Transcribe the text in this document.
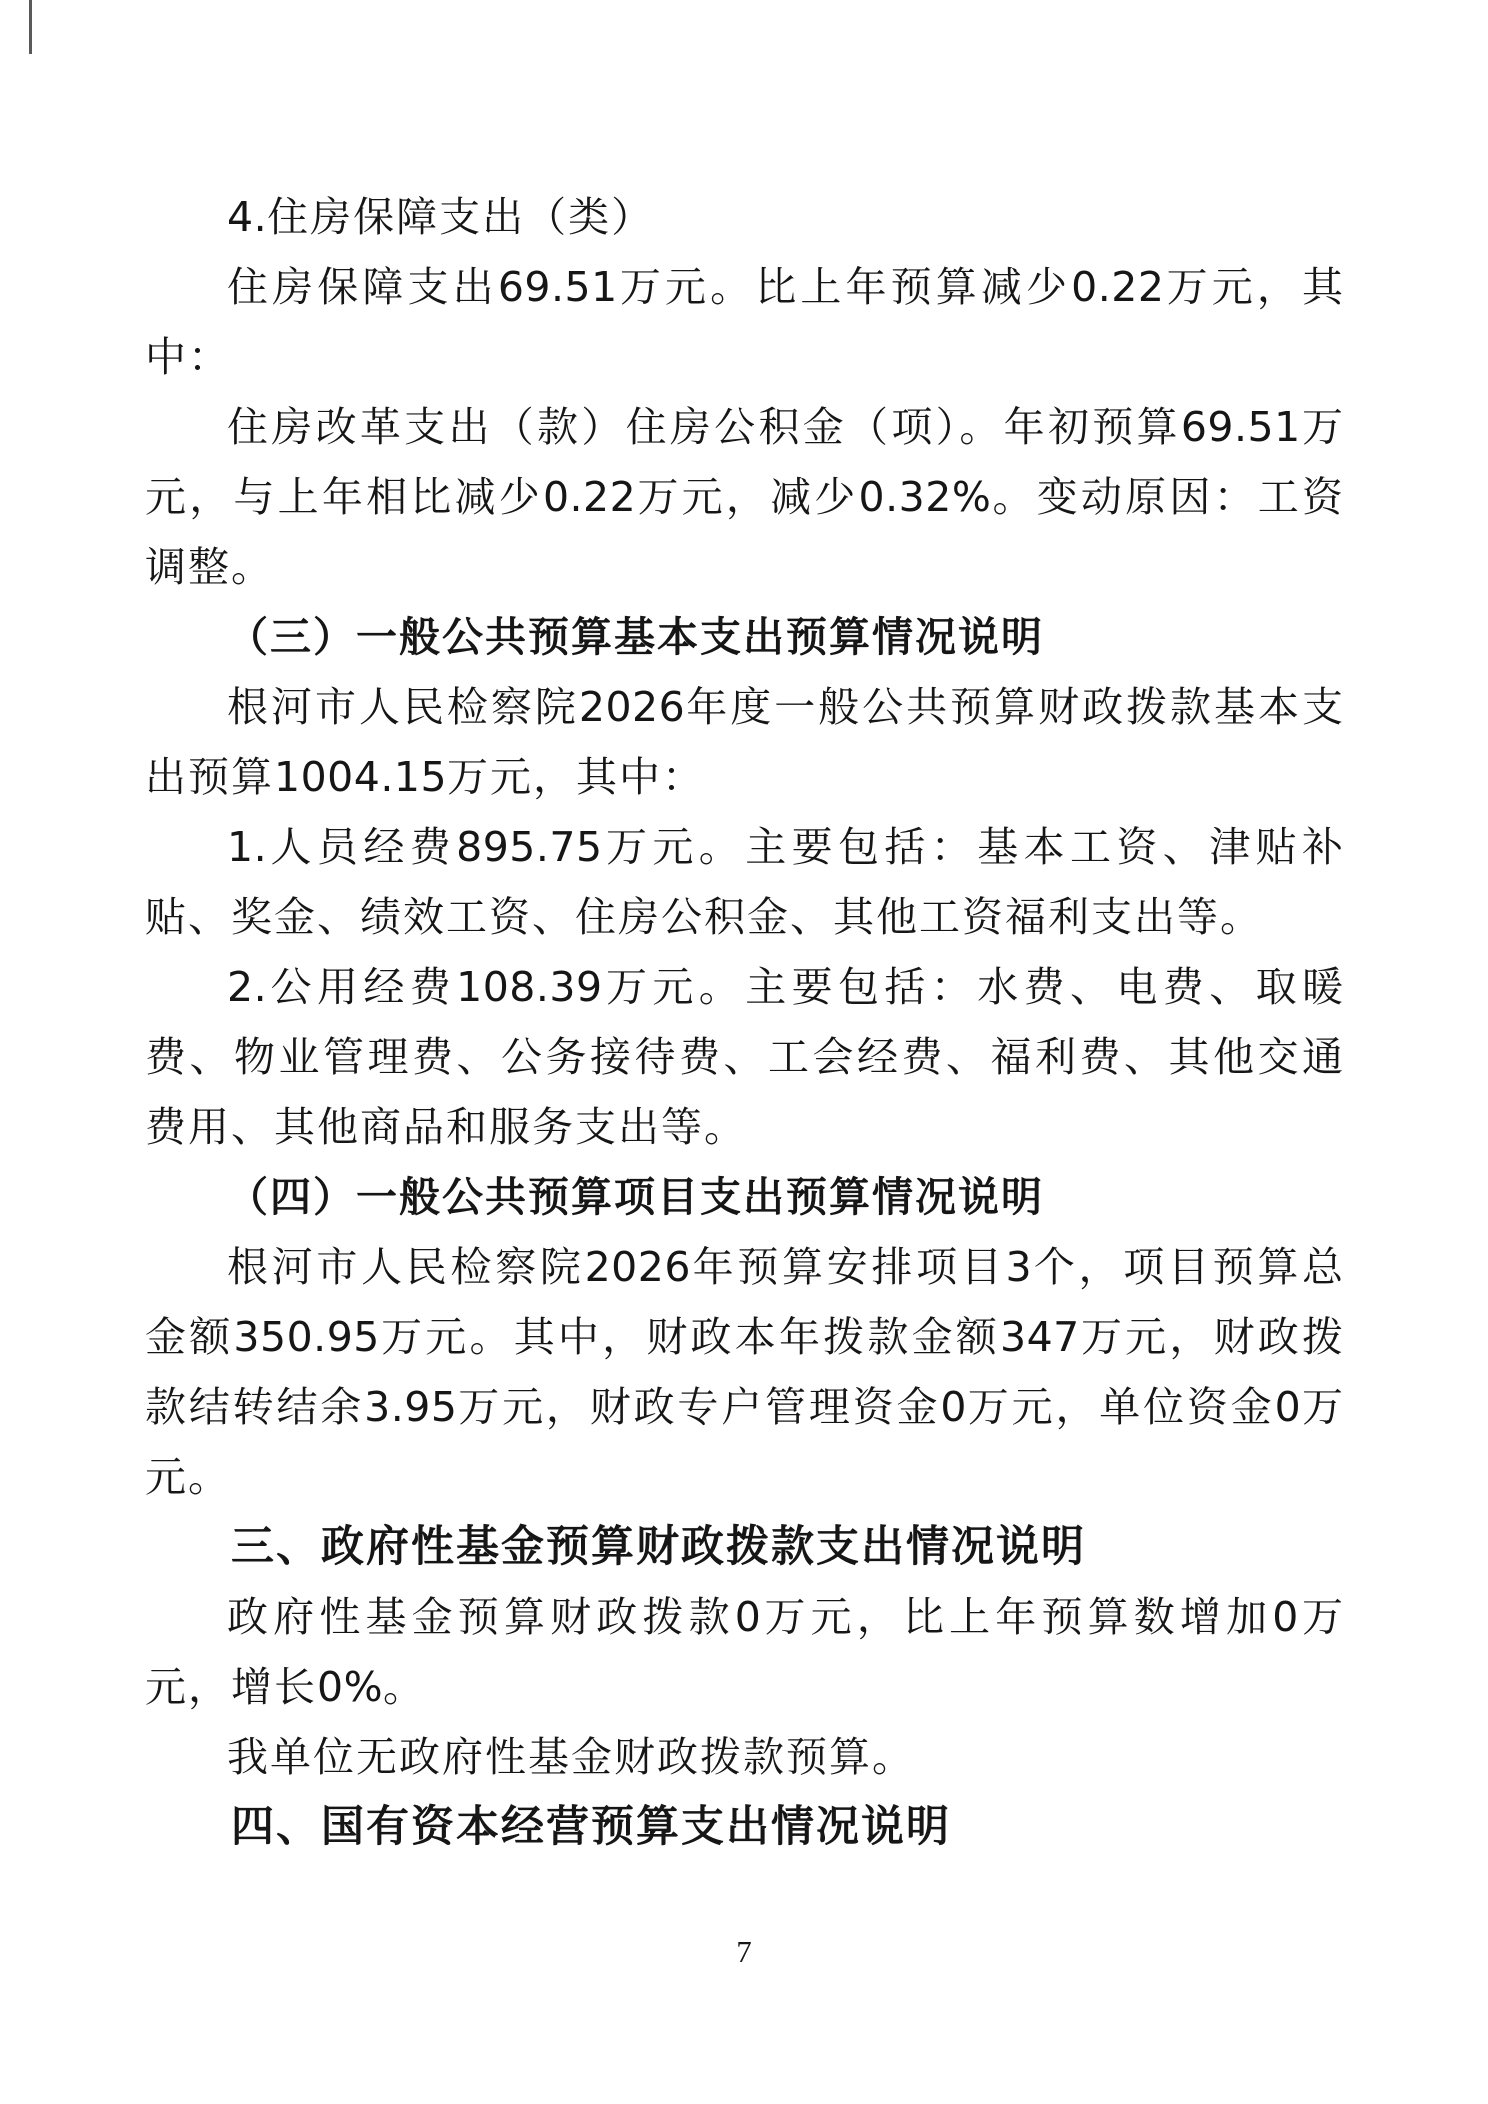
4.住房保障支出（类）

住房保障支出69.51万元。比上年预算减少0.22万元，其中：

住房改革支出（款）住房公积金（项）。年初预算69.51万元，与上年相比减少0.22万元，减少0.32%。变动原因：工资调整。

（三）一般公共预算基本支出预算情况说明

根河市人民检察院2026年度一般公共预算财政拨款基本支出预算1004.15万元，其中：

1.人员经费895.75万元。主要包括：基本工资、津贴补贴、奖金、绩效工资、住房公积金、其他工资福利支出等。

2.公用经费108.39万元。主要包括：水费、电费、取暖费、物业管理费、公务接待费、工会经费、福利费、其他交通费用、其他商品和服务支出等。

（四）一般公共预算项目支出预算情况说明

根河市人民检察院2026年预算安排项目3个，项目预算总金额350.95万元。其中，财政本年拨款金额347万元，财政拨款结转结余3.95万元，财政专户管理资金0万元，单位资金0万元。

三、政府性基金预算财政拨款支出情况说明

政府性基金预算财政拨款0万元，比上年预算数增加0万元，增长0%。

我单位无政府性基金财政拨款预算。

四、国有资本经营预算支出情况说明

7
